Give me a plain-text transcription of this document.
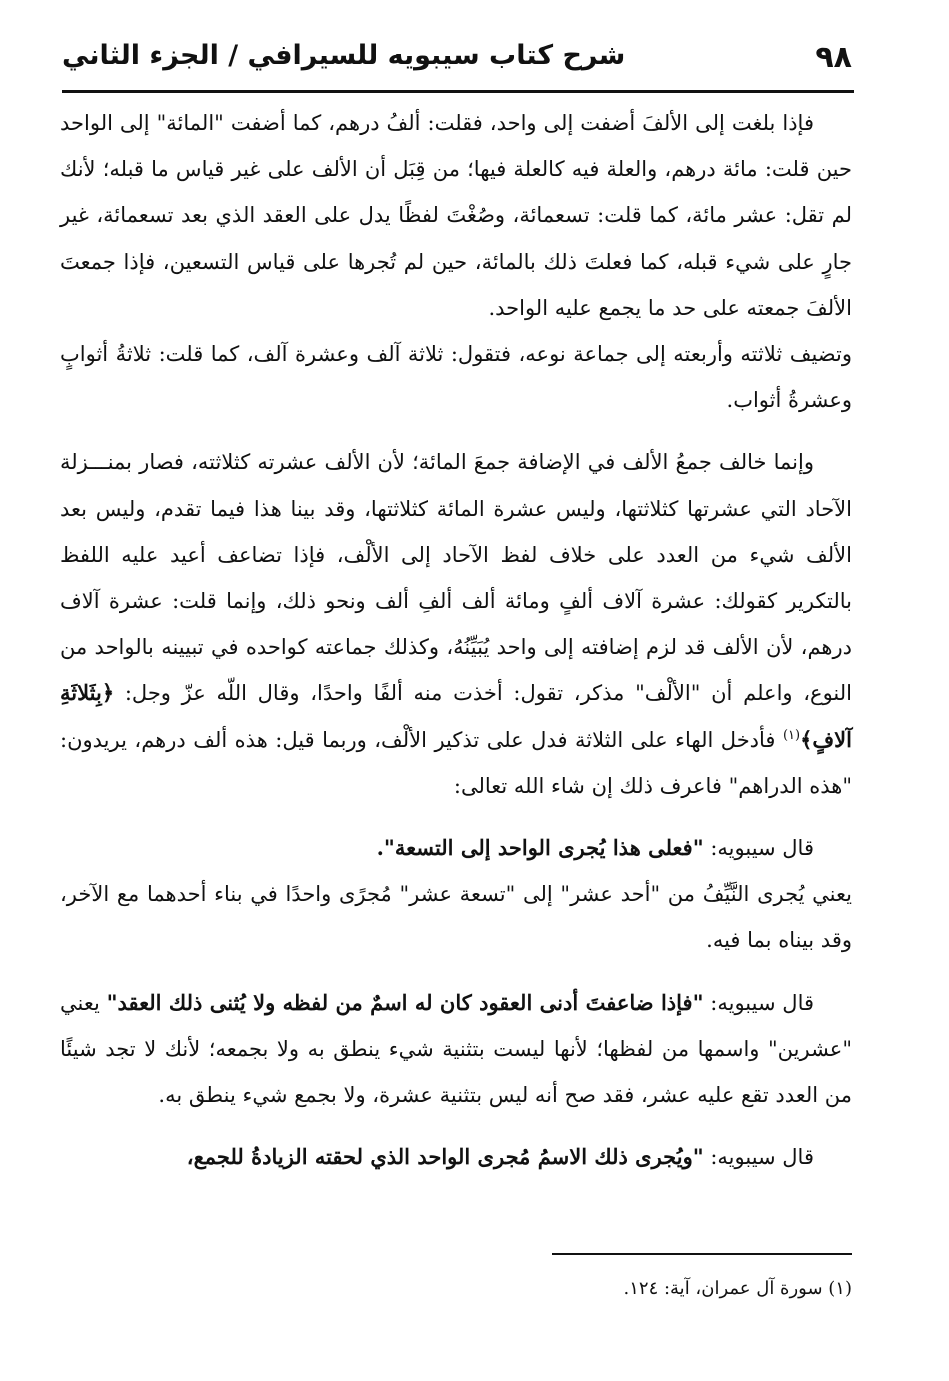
٩٨
شرح كتاب سيبويه للسيرافي / الجزء الثاني

فإذا بلغت إلى الألفَ أضفت إلى واحد، فقلت: ألفُ درهم، كما أضفت "المائة" إلى الواحد حين قلت: مائة درهم، والعلة فيه كالعلة فيها؛ من قِبَل أن الألف على غير قياس ما قبله؛ لأنك لم تقل: عشر مائة، كما قلت: تسعمائة، وصُغْتَ لفظًا يدل على العقد الذي بعد تسعمائة، غير جارٍ على شيء قبله، كما فعلتَ ذلك بالمائة، حين لم تُجرها على قياس التسعين، فإذا جمعتَ الألفَ جمعته على حد ما يجمع عليه الواحد.

وتضيف ثلاثته وأربعته إلى جماعة نوعه، فتقول: ثلاثة آلف وعشرة آلف، كما قلت: ثلاثةُ أثوابٍ وعشرةُ أثواب.

وإنما خالف جمعُ الألف في الإضافة جمعَ المائة؛ لأن الألف عشرته كثلاثته، فصار بمنـــزلة الآحاد التي عشرتها كثلاثتها، وليس عشرة المائة كثلاثتها، وقد بينا هذا فيما تقدم، وليس بعد الألف شيء من العدد على خلاف لفظ الآحاد إلى الألْف، فإذا تضاعف أعيد عليه اللفظ بالتكرير كقولك: عشرة آلاف ألفٍ ومائة ألف ألفِ ألف ونحو ذلك، وإنما قلت: عشرة آلاف درهم، لأن الألف قد لزم إضافته إلى واحد يُبَيِّنُهُ، وكذلك جماعته كواحده في تبيينه بالواحد من النوع، واعلم أن "الألْف" مذكر، تقول: أخذت منه ألفًا واحدًا، وقال اللّه عزّ وجل: ﴿بِثَلاثَةِ آلافٍ﴾$^{(١)}$ فأدخل الهاء على الثلاثة فدل على تذكير الألْف، وربما قيل: هذه ألف درهم، يريدون: "هذه الدراهم" فاعرف ذلك إن شاء الله تعالى:

قال سيبويه: "فعلى هذا يُجرى الواحد إلى التسعة".

يعني يُجرى النَّيِّفُ من "أحد عشر" إلى "تسعة عشر" مُجرًى واحدًا في بناء أحدهما مع الآخر، وقد بيناه بما فيه.

قال سيبويه: "فإذا ضاعفتَ أدنى العقود كان له اسمٌ من لفظه ولا يُثنى ذلك العقد" يعني "عشرين" واسمها من لفظها؛ لأنها ليست بتثنية شيء ينطق به ولا بجمعه؛ لأنك لا تجد شيئًا من العدد تقع عليه عشر، فقد صح أنه ليس بتثنية عشرة، ولا بجمع شيء ينطق به.

قال سيبويه: "ويُجرى ذلك الاسمُ مُجرى الواحد الذي لحقته الزيادةُ للجمع،

(١) سورة آل عمران، آية: ١٢٤.
